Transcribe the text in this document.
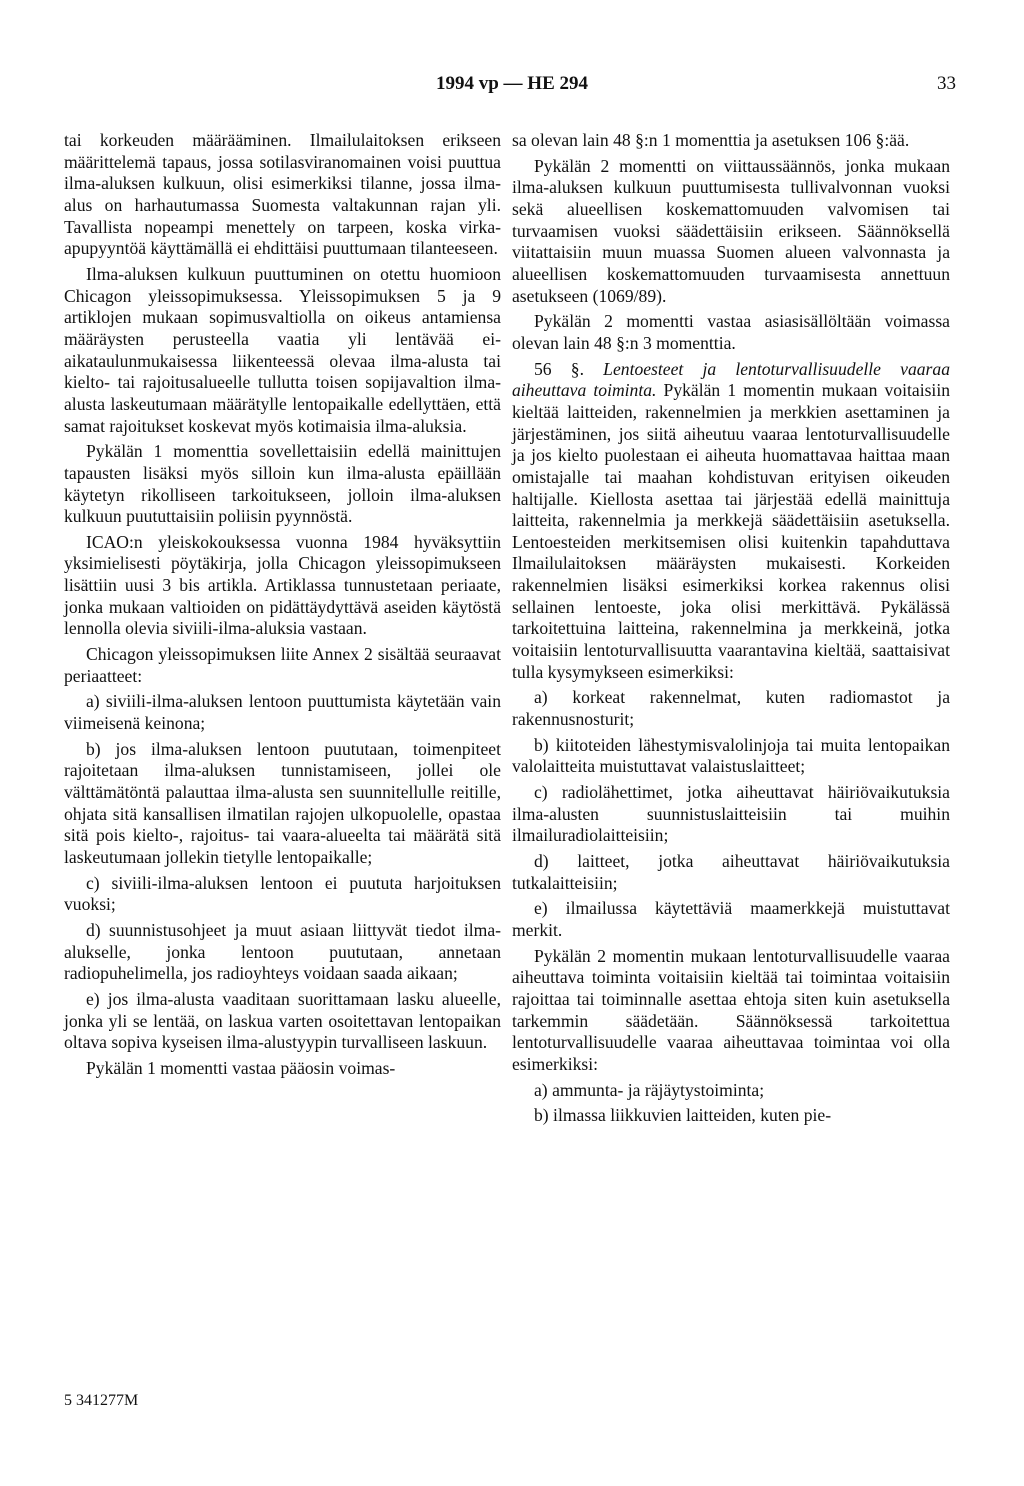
1994 vp — HE 294	33

tai korkeuden määrääminen. Ilmailulaitoksen erikseen määrittelemä tapaus, jossa sotilasviranomainen voisi puuttua ilma-aluksen kulkuun, olisi esimerkiksi tilanne, jossa ilma-alus on harhautumassa Suomesta valtakunnan rajan yli. Tavallista nopeampi menettely on tarpeen, koska virka-apupyyntöä käyttämällä ei ehdittäisi puuttumaan tilanteeseen.

Ilma-aluksen kulkuun puuttuminen on otettu huomioon Chicagon yleissopimuksessa. Yleissopimuksen 5 ja 9 artiklojen mukaan sopimusvaltiolla on oikeus antamiensa määräysten perusteella vaatia yli lentävää ei-aikataulunmukaisessa liikenteessä olevaa ilma-alusta tai kielto- tai rajoitusalueelle tullutta toisen sopijavaltion ilma-alusta laskeutumaan määrätylle lentopaikalle edellyttäen, että samat rajoitukset koskevat myös kotimaisia ilma-aluksia.

Pykälän 1 momenttia sovellettaisiin edellä mainittujen tapausten lisäksi myös silloin kun ilma-alusta epäillään käytetyn rikolliseen tarkoitukseen, jolloin ilma-aluksen kulkuun puututtaisiin poliisin pyynnöstä.

ICAO:n yleiskokouksessa vuonna 1984 hyväksyttiin yksimielisesti pöytäkirja, jolla Chicagon yleissopimukseen lisättiin uusi 3 bis artikla. Artiklassa tunnustetaan periaate, jonka mukaan valtioiden on pidättäydyttävä aseiden käytöstä lennolla olevia siviili-ilma-aluksia vastaan.

Chicagon yleissopimuksen liite Annex 2 sisältää seuraavat periaatteet:

a) siviili-ilma-aluksen lentoon puuttumista käytetään vain viimeisenä keinona;

b) jos ilma-aluksen lentoon puututaan, toimenpiteet rajoitetaan ilma-aluksen tunnistamiseen, jollei ole välttämätöntä palauttaa ilma-alusta sen suunnitellulle reitille, ohjata sitä kansallisen ilmatilan rajojen ulkopuolelle, opastaa sitä pois kielto-, rajoitus- tai vaara-alueelta tai määrätä sitä laskeutumaan jollekin tietylle lentopaikalle;

c) siviili-ilma-aluksen lentoon ei puututa harjoituksen vuoksi;

d) suunnistusohjeet ja muut asiaan liittyvät tiedot ilma-alukselle, jonka lentoon puututaan, annetaan radiopuhelimella, jos radioyhteys voidaan saada aikaan;

e) jos ilma-alusta vaaditaan suorittamaan lasku alueelle, jonka yli se lentää, on laskua varten osoitettavan lentopaikan oltava sopiva kyseisen ilma-alustyypin turvalliseen laskuun.

Pykälän 1 momentti vastaa pääosin voimas-

sa olevan lain 48 §:n 1 momenttia ja asetuksen 106 §:ää.

Pykälän 2 momentti on viittaussäännös, jonka mukaan ilma-aluksen kulkuun puuttumisesta tullivalvonnan vuoksi sekä alueellisen koskemattomuuden valvomisen tai turvaamisen vuoksi säädettäisiin erikseen. Säännöksellä viitattaisiin muun muassa Suomen alueen valvonnasta ja alueellisen koskemattomuuden turvaamisesta annettuun asetukseen (1069/89).

Pykälän 2 momentti vastaa asiasisällöltään voimassa olevan lain 48 §:n 3 momenttia.

56 §. Lentoesteet ja lentoturvallisuudelle vaaraa aiheuttava toiminta. Pykälän 1 momentin mukaan voitaisiin kieltää laitteiden, rakennelmien ja merkkien asettaminen ja järjestäminen, jos siitä aiheutuu vaaraa lentoturvallisuudelle ja jos kielto puolestaan ei aiheuta huomattavaa haittaa maan omistajalle tai maahan kohdistuvan erityisen oikeuden haltijalle. Kiellosta asettaa tai järjestää edellä mainittuja laitteita, rakennelmia ja merkkejä säädettäisiin asetuksella. Lentoesteiden merkitsemisen olisi kuitenkin tapahduttava Ilmailulaitoksen määräysten mukaisesti. Korkeiden rakennelmien lisäksi esimerkiksi korkea rakennus olisi sellainen lentoeste, joka olisi merkittävä. Pykälässä tarkoitettuina laitteina, rakennelmina ja merkkeinä, jotka voitaisiin lentoturvallisuutta vaarantavina kieltää, saattaisivat tulla kysymykseen esimerkiksi:

a) korkeat rakennelmat, kuten radiomastot ja rakennusnosturit;

b) kiitoteiden lähestymisvalolinjoja tai muita lentopaikan valolaitteita muistuttavat valaistuslaitteet;

c) radiolähettimet, jotka aiheuttavat häiriövaikutuksia ilma-alusten suunnistuslaitteisiin tai muihin ilmailuradiolaitteisiin;

d) laitteet, jotka aiheuttavat häiriövaikutuksia tutkalaitteisiin;

e) ilmailussa käytettäviä maamerkkejä muistuttavat merkit.

Pykälän 2 momentin mukaan lentoturvallisuudelle vaaraa aiheuttava toiminta voitaisiin kieltää tai toimintaa voitaisiin rajoittaa tai toiminnalle asettaa ehtoja siten kuin asetuksella tarkemmin säädetään. Säännöksessä tarkoitettua lentoturvallisuudelle vaaraa aiheuttavaa toimintaa voi olla esimerkiksi:

a) ammunta- ja räjäytystoiminta;

b) ilmassa liikkuvien laitteiden, kuten pie-

5 341277M
